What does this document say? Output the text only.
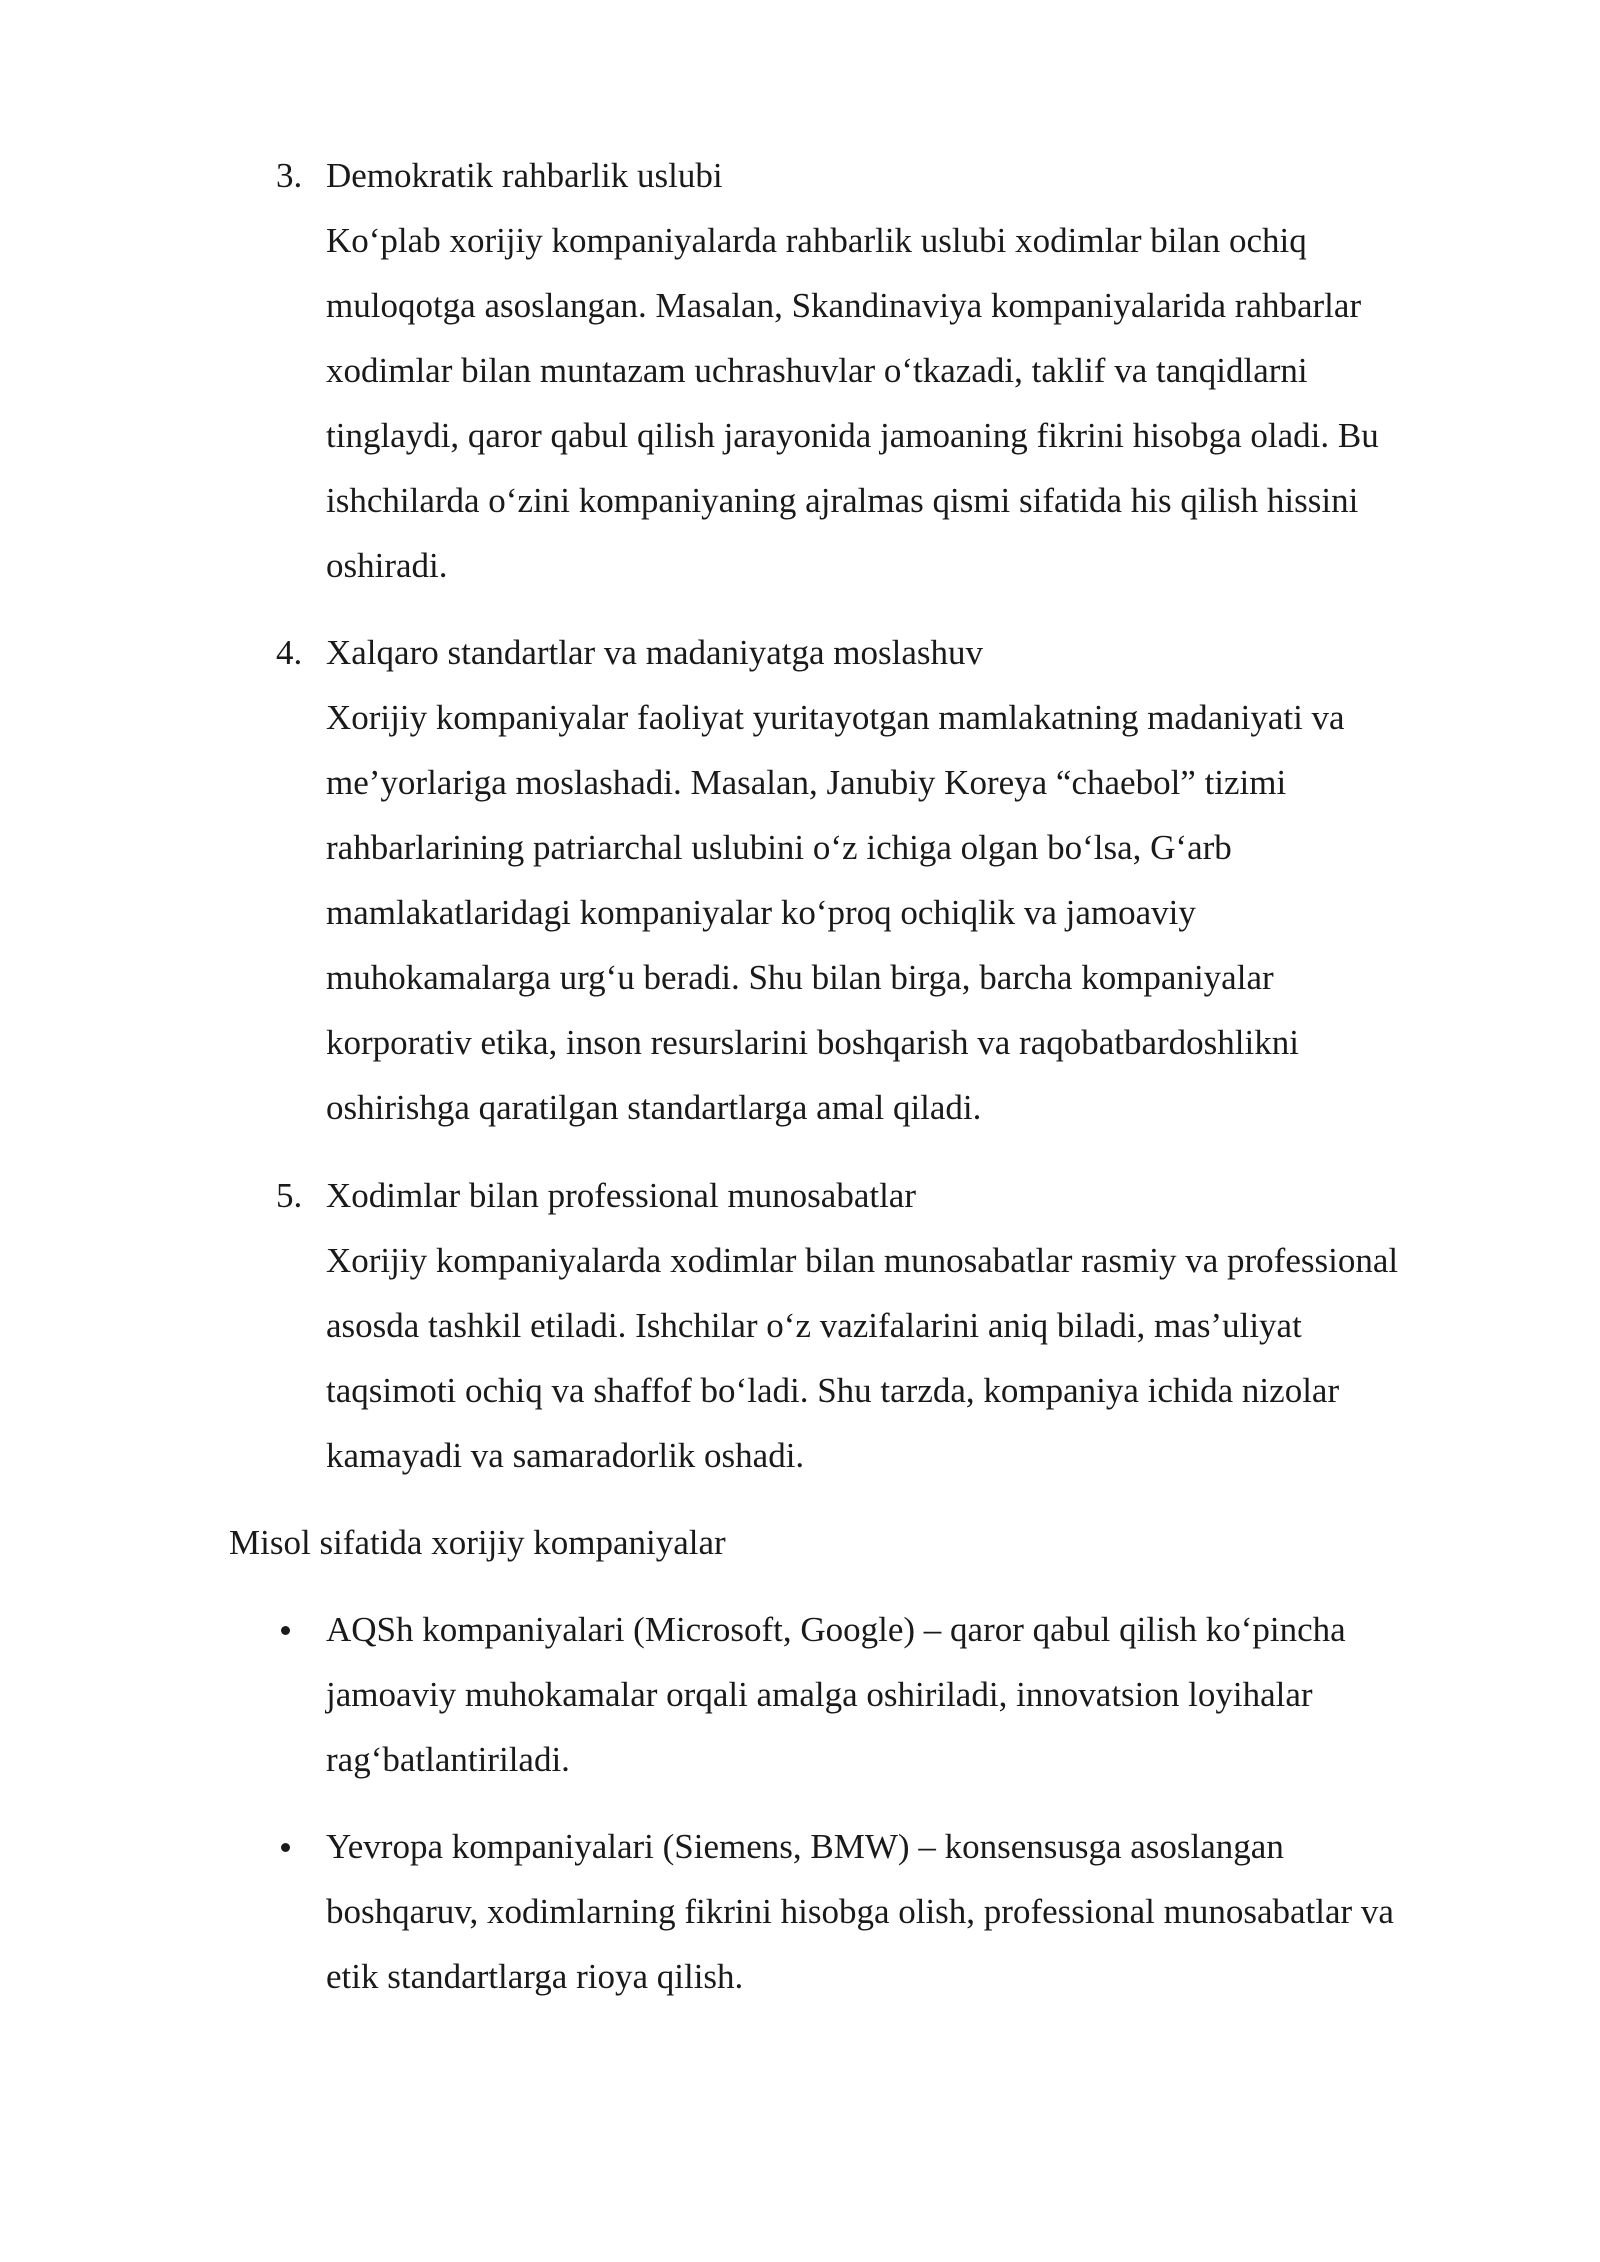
3. Demokratik rahbarlik uslubi
Ko‘plab xorijiy kompaniyalarda rahbarlik uslubi xodimlar bilan ochiq
muloqotga asoslangan. Masalan, Skandinaviya kompaniyalarida rahbarlar
xodimlar bilan muntazam uchrashuvlar o‘tkazadi, taklif va tanqidlarni
tinglaydi, qaror qabul qilish jarayonida jamoaning fikrini hisobga oladi. Bu
ishchilarda o‘zini kompaniyaning ajralmas qismi sifatida his qilish hissini
oshiradi.
4. Xalqaro standartlar va madaniyatga moslashuv
Xorijiy kompaniyalar faoliyat yuritayotgan mamlakatning madaniyati va
me’yorlariga moslashadi. Masalan, Janubiy Koreya “chaebol” tizimi
rahbarlarining patriarchal uslubini o‘z ichiga olgan bo‘lsa, G‘arb
mamlakatlaridagi kompaniyalar ko‘proq ochiqlik va jamoaviy
muhokamalarga urg‘u beradi. Shu bilan birga, barcha kompaniyalar
korporativ etika, inson resurslarini boshqarish va raqobatbardoshlikni
oshirishga qaratilgan standartlarga amal qiladi.
5. Xodimlar bilan professional munosabatlar
Xorijiy kompaniyalarda xodimlar bilan munosabatlar rasmiy va professional
asosda tashkil etiladi. Ishchilar o‘z vazifalarini aniq biladi, mas’uliyat
taqsimoti ochiq va shaffof bo‘ladi. Shu tarzda, kompaniya ichida nizolar
kamayadi va samaradorlik oshadi.
Misol sifatida xorijiy kompaniyalar
AQSh kompaniyalari (Microsoft, Google) – qaror qabul qilish ko‘pincha
jamoaviy muhokamalar orqali amalga oshiriladi, innovatsion loyihalar
rag‘batlantiriladi.
Yevropa kompaniyalari (Siemens, BMW) – konsensusga asoslangan
boshqaruv, xodimlarning fikrini hisobga olish, professional munosabatlar va
etik standartlarga rioya qilish.
